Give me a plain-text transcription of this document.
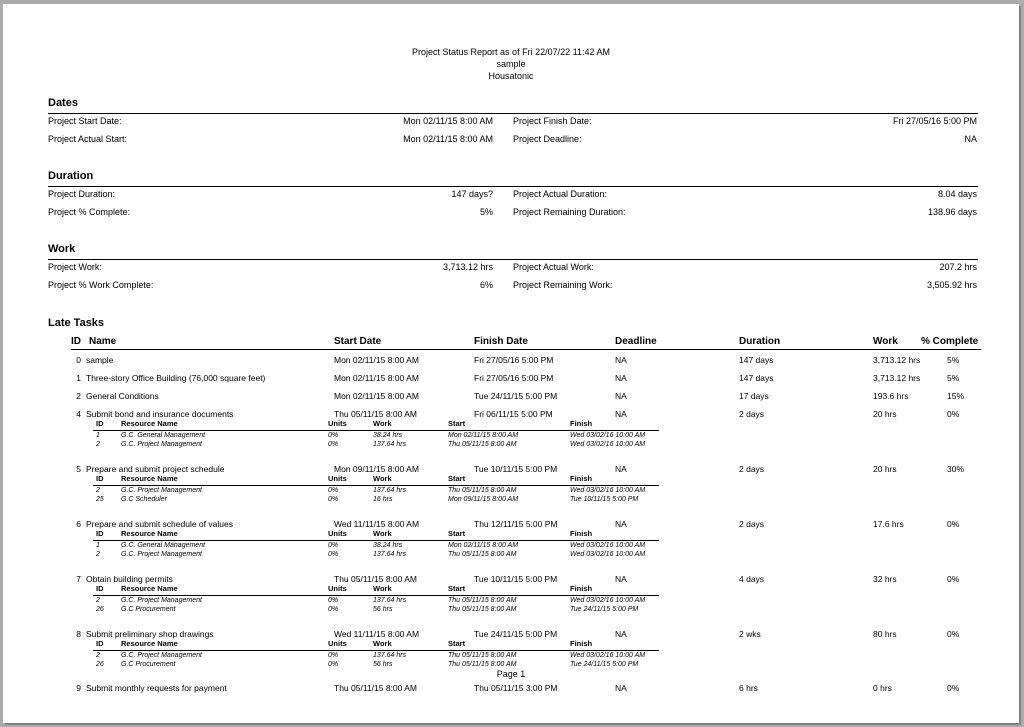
Project Status Report as of Fri 22/07/22 11:42 AM
sample
Housatonic
Dates
Project Start Date:	Mon 02/11/15 8:00 AM Project Finish Date:	Fri 27/05/16 5:00 PM
Project Actual Start:	Mon 02/11/15 8:00 AM Project Deadline:	NA
Duration
Project Duration:	147 days? Project Actual Duration:	8.04 days
Project % Complete:	5% Project Remaining Duration:	138.96 days
Work
Project Work:	3,713.12 hrs Project Actual Work:	207.2 hrs
Project % Work Complete:	6% Project Remaining Work:	3,505.92 hrs
Late Tasks
ID Name	Start Date	Finish Date	Deadline	Duration	Work % Complete
0 sample	Mon 02/11/15 8:00 AM	Fri 27/05/16 5:00 PM	NA	147 days	3,713.12 hrs	5%
1 Three-story Office Building (76,000 square feet)	Mon 02/11/15 8:00 AM	Fri 27/05/16 5:00 PM	NA	147 days	3,713.12 hrs	5%
2 General Conditions	Mon 02/11/15 8:00 AM	Tue 24/11/15 5:00 PM	NA	17 days	193.6 hrs	15%
4 Submit bond and insurance documents	Thu 05/11/15 8:00 AM	Fri 06/11/15 5:00 PM	NA	2 days	20 hrs	0%
ID Resource Name	Units	Work	Start	Finish
1	G.C. General Management	0%	38.24 hrs	Mon 02/11/15 8:00 AM	Wed 03/02/16 10:00 AM
2	G.C. Project Management	0%	137.64 hrs	Thu 05/11/15 8:00 AM	Wed 03/02/16 10:00 AM
5 Prepare and submit project schedule	Mon 09/11/15 8:00 AM	Tue 10/11/15 5:00 PM	NA	2 days	20 hrs	30%
ID Resource Name	Units	Work	Start	Finish
2	G.C. Project Management	0%	137.64 hrs	Thu 05/11/15 8:00 AM	Wed 03/02/16 10:00 AM
25 G.C Scheduler	0%	16 hrs	Mon 09/11/15 8:00 AM	Tue 10/11/15 5:00 PM
6 Prepare and submit schedule of values	Wed 11/11/15 8:00 AM	Thu 12/11/15 5:00 PM	NA	2 days	17.6 hrs	0%
ID Resource Name	Units	Work	Start	Finish
1	G.C. General Management	0%	38.24 hrs	Mon 02/11/15 8:00 AM	Wed 03/02/16 10:00 AM
2	G.C. Project Management	0%	137.64 hrs	Thu 05/11/15 8:00 AM	Wed 03/02/16 10:00 AM
7 Obtain building permits	Thu 05/11/15 8:00 AM	Tue 10/11/15 5:00 PM	NA	4 days	32 hrs	0%
ID Resource Name	Units	Work	Start	Finish
2	G.C. Project Management	0%	137.64 hrs	Thu 05/11/15 8:00 AM	Wed 03/02/16 10:00 AM
26 G.C Procurement	0%	56 hrs	Thu 05/11/15 8:00 AM	Tue 24/11/15 5:00 PM
8 Submit preliminary shop drawings	Wed 11/11/15 8:00 AM	Tue 24/11/15 5:00 PM	NA	2 wks	80 hrs	0%
ID Resource Name	Units	Work	Start	Finish
2	G.C. Project Management	0%	137.64 hrs	Thu 05/11/15 8:00 AM	Wed 03/02/16 10:00 AM
26 G.C Procurement	0%	56 hrs	Thu 05/11/15 8:00 AM	Tue 24/11/15 5:00 PM
9 Submit monthly requests for payment	Thu 05/11/15 8:00 AM	Thu 05/11/15 3:00 PM	NA	6 hrs	0 hrs	0%
Page 1
